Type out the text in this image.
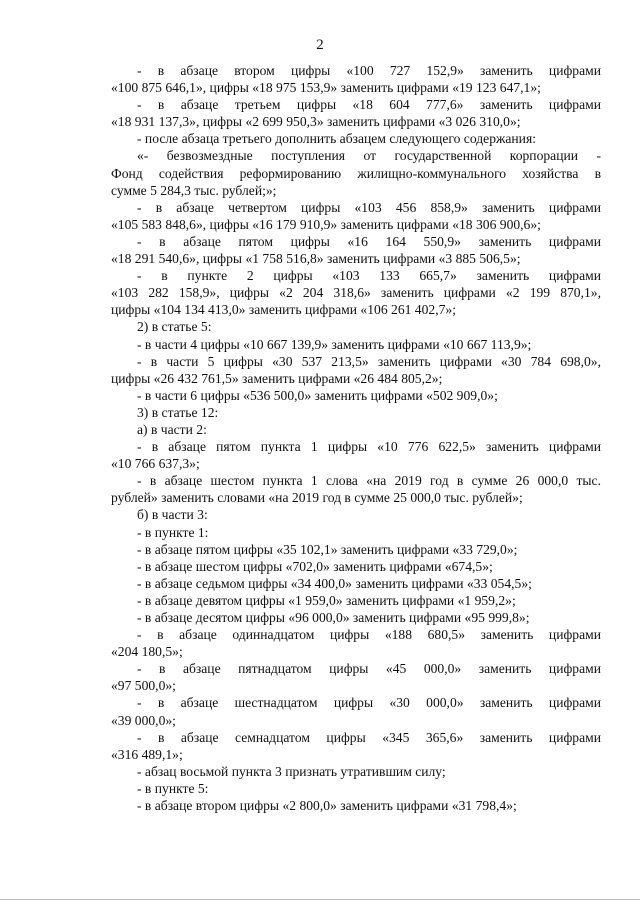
2
- в абзаце втором цифры «100 727 152,9» заменить цифрами
«100 875 646,1», цифры «18 975 153,9» заменить цифрами «19 123 647,1»;
- в абзаце третьем цифры «18 604 777,6» заменить цифрами
«18 931 137,3», цифры «2 699 950,3» заменить цифрами «3 026 310,0»;
- после абзаца третьего дополнить абзацем следующего содержания:
«- безвозмездные поступления от государственной корпорации -
Фонд содействия реформированию жилищно-коммунального хозяйства в
сумме 5 284,3 тыс. рублей;»;
- в абзаце четвертом цифры «103 456 858,9» заменить цифрами
«105 583 848,6», цифры «16 179 910,9» заменить цифрами «18 306 900,6»;
- в абзаце пятом цифры «16 164 550,9» заменить цифрами
«18 291 540,6», цифры «1 758 516,8» заменить цифрами «3 885 506,5»;
- в пункте 2 цифры «103 133 665,7» заменить цифрами
«103 282 158,9», цифры «2 204 318,6» заменить цифрами «2 199 870,1»,
цифры «104 134 413,0» заменить цифрами «106 261 402,7»;
2) в статье 5:
- в части 4 цифры «10 667 139,9» заменить цифрами «10 667 113,9»;
- в части 5 цифры «30 537 213,5» заменить цифрами «30 784 698,0»,
цифры «26 432 761,5» заменить цифрами «26 484 805,2»;
- в части 6 цифры «536 500,0» заменить цифрами «502 909,0»;
3) в статье 12:
а) в части 2:
- в абзаце пятом пункта 1 цифры «10 776 622,5» заменить цифрами
«10 766 637,3»;
- в абзаце шестом пункта 1 слова «на 2019 год в сумме 26 000,0 тыс.
рублей» заменить словами «на 2019 год в сумме 25 000,0 тыс. рублей»;
б) в части 3:
- в пункте 1:
- в абзаце пятом цифры «35 102,1» заменить цифрами «33 729,0»;
- в абзаце шестом цифры «702,0» заменить цифрами «674,5»;
- в абзаце седьмом цифры «34 400,0» заменить цифрами «33 054,5»;
- в абзаце девятом цифры «1 959,0» заменить цифрами «1 959,2»;
- в абзаце десятом цифры «96 000,0» заменить цифрами «95 999,8»;
- в абзаце одиннадцатом цифры «188 680,5» заменить цифрами
«204 180,5»;
- в абзаце пятнадцатом цифры «45 000,0» заменить цифрами
«97 500,0»;
- в абзаце шестнадцатом цифры «30 000,0» заменить цифрами
«39 000,0»;
- в абзаце семнадцатом цифры «345 365,6» заменить цифрами
«316 489,1»;
- абзац восьмой пункта 3 признать утратившим силу;
- в пункте 5:
- в абзаце втором цифры «2 800,0» заменить цифрами «31 798,4»;
